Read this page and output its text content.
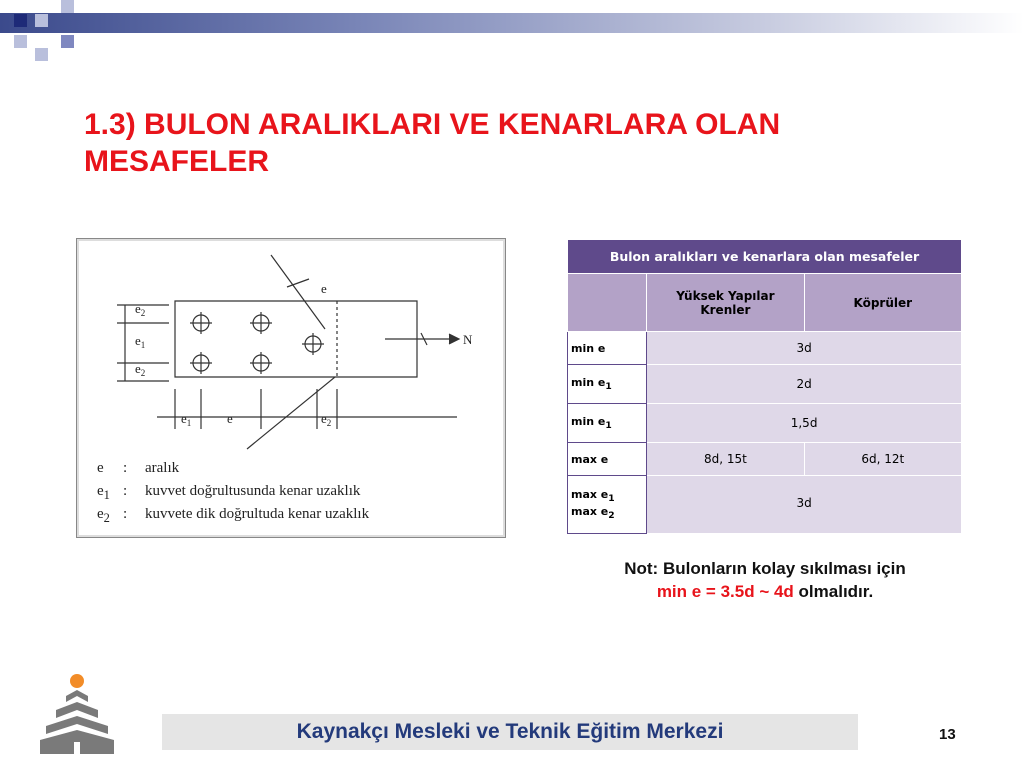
1.3) BULON ARALIKLARI VE KENARLARA OLAN MESAFELER
$e_2$
$e_1$
$e_2$
$e_1$	e	$e_2$
e
N
e	:	aralık
$e_1$ :	kuvvet doğrultusunda kenar uzaklık
$e_2$ :	kuvvete dik doğrultuda kenar uzaklık
Bulon aralıkları ve kenarlara olan mesafeler		
	Yüksek Yapılar Krenler	Köprüler
min e	3d	
$\min e_1$	2d	
$\min e_1$	1,5d	
max e	8d, 15t	6d, 12t
$\max e_1$ $\max e_2$	3d	
Not: Bulonların kolay sıkılması için
min e = 3.5d ~ 4d olmalıdır.
Kaynakçı Mesleki ve Teknik Eğitim Merkezi	13
